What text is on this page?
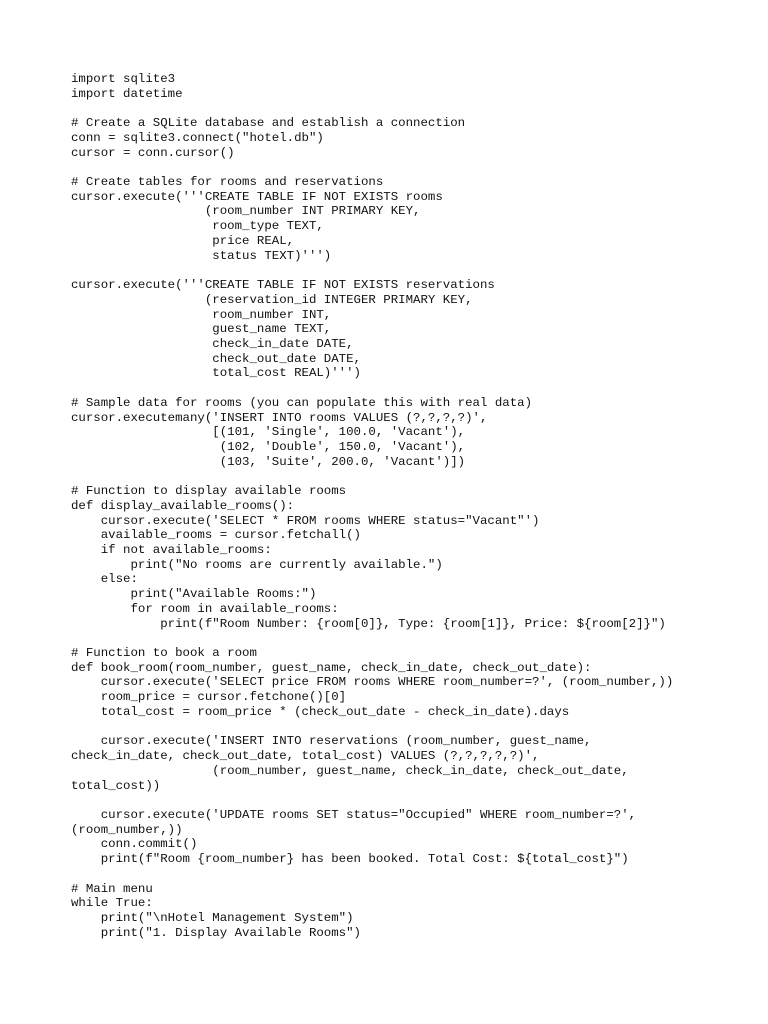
import sqlite3
import datetime
# Create a SQLite database and establish a connection
conn = sqlite3.connect("hotel.db")
cursor = conn.cursor()
# Create tables for rooms and reservations
cursor.execute('''CREATE TABLE IF NOT EXISTS rooms
(room_number INT PRIMARY KEY,
room_type TEXT,
price REAL,
status TEXT)''')
cursor.execute('''CREATE TABLE IF NOT EXISTS reservations
(reservation_id INTEGER PRIMARY KEY,
room_number INT,
guest_name TEXT,
check_in_date DATE,
check_out_date DATE,
total_cost REAL)''')
# Sample data for rooms (you can populate this with real data)
cursor.executemany('INSERT INTO rooms VALUES (?,?,?,?)',
[(101, 'Single', 100.0, 'Vacant'),
(102, 'Double', 150.0, 'Vacant'),
(103, 'Suite', 200.0, 'Vacant')])
# Function to display available rooms
def display_available_rooms():
cursor.execute('SELECT * FROM rooms WHERE status="Vacant"')
available_rooms = cursor.fetchall()
if not available_rooms:
print("No rooms are currently available.")
else:
print("Available Rooms:")
for room in available_rooms:
print(f"Room Number: {room[0]}, Type: {room[1]}, Price: ${room[2]}")
# Function to book a room
def book_room(room_number, guest_name, check_in_date, check_out_date):
cursor.execute('SELECT price FROM rooms WHERE room_number=?', (room_number,))
room_price = cursor.fetchone()[0]
total_cost = room_price * (check_out_date - check_in_date).days
cursor.execute('INSERT INTO reservations (room_number, guest_name,
check_in_date, check_out_date, total_cost) VALUES (?,?,?,?,?)',
(room_number, guest_name, check_in_date, check_out_date,
total_cost))
cursor.execute('UPDATE rooms SET status="Occupied" WHERE room_number=?',
(room_number,))
conn.commit()
print(f"Room {room_number} has been booked. Total Cost: ${total_cost}")
# Main menu
while True:
print("\nHotel Management System")
print("1. Display Available Rooms")
